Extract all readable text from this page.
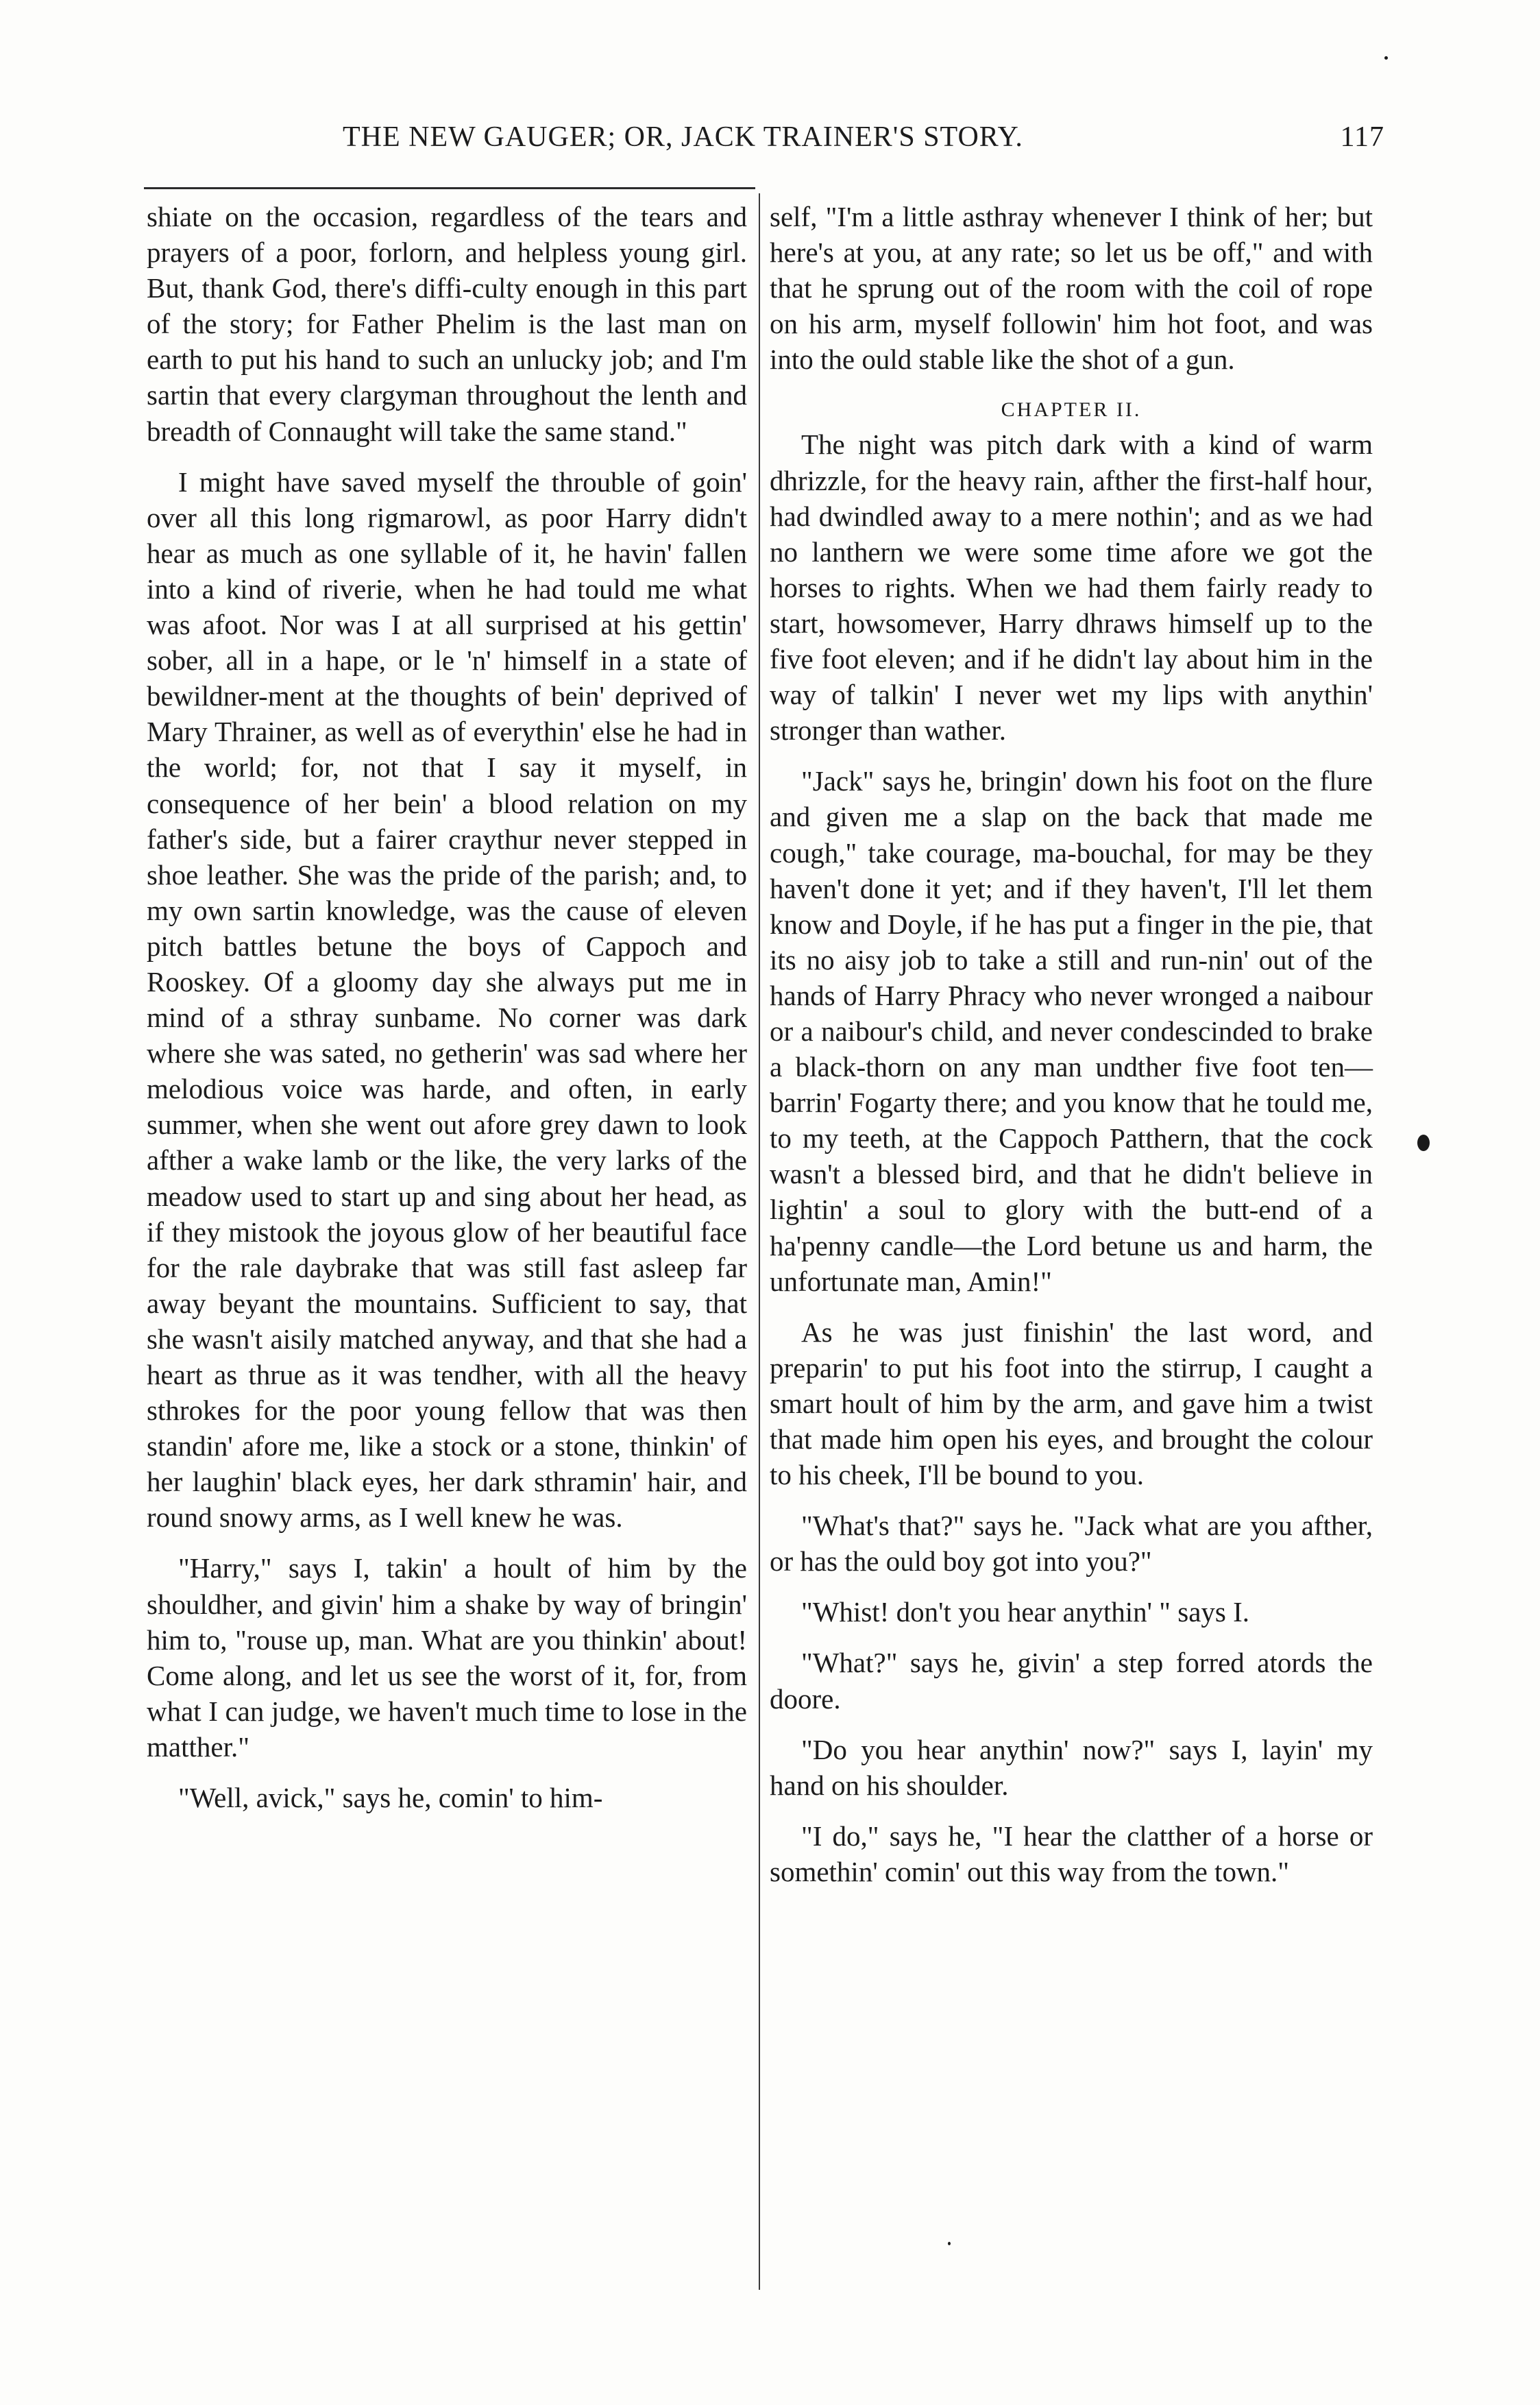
THE NEW GAUGER; OR, JACK TRAINER'S STORY.	117

shiate on the occasion, regardless of the tears and prayers of a poor, forlorn, and helpless young girl. But, thank God, there's diffi-culty enough in this part of the story; for Father Phelim is the last man on earth to put his hand to such an unlucky job; and I'm sartin that every clargyman throughout the lenth and breadth of Connaught will take the same stand."

I might have saved myself the throuble of goin' over all this long rigmarowl, as poor Harry didn't hear as much as one syllable of it, he havin' fallen into a kind of riverie, when he had tould me what was afoot. Nor was I at all surprised at his gettin' sober, all in a hape, or le 'n' himself in a state of bewildner-ment at the thoughts of bein' deprived of Mary Thrainer, as well as of everythin' else he had in the world; for, not that I say it myself, in consequence of her bein' a blood relation on my father's side, but a fairer craythur never stepped in shoe leather. She was the pride of the parish; and, to my own sartin knowledge, was the cause of eleven pitch battles betune the boys of Cappoch and Rooskey. Of a gloomy day she always put me in mind of a sthray sunbame. No corner was dark where she was sated, no getherin' was sad where her melodious voice was harde, and often, in early summer, when she went out afore grey dawn to look afther a wake lamb or the like, the very larks of the meadow used to start up and sing about her head, as if they mistook the joyous glow of her beautiful face for the rale daybrake that was still fast asleep far away beyant the mountains. Sufficient to say, that she wasn't aisily matched anyway, and that she had a heart as thrue as it was tendher, with all the heavy sthrokes for the poor young fellow that was then standin' afore me, like a stock or a stone, thinkin' of her laughin' black eyes, her dark sthramin' hair, and round snowy arms, as I well knew he was.

"Harry," says I, takin' a hoult of him by the shouldher, and givin' him a shake by way of bringin' him to, "rouse up, man. What are you thinkin' about! Come along, and let us see the worst of it, for, from what I can judge, we haven't much time to lose in the matther."

"Well, avick," says he, comin' to him-

self, "I'm a little asthray whenever I think of her; but here's at you, at any rate; so let us be off," and with that he sprung out of the room with the coil of rope on his arm, myself followin' him hot foot, and was into the ould stable like the shot of a gun.

CHAPTER II.

The night was pitch dark with a kind of warm dhrizzle, for the heavy rain, afther the first-half hour, had dwindled away to a mere nothin'; and as we had no lanthern we were some time afore we got the horses to rights. When we had them fairly ready to start, howsomever, Harry dhraws himself up to the five foot eleven; and if he didn't lay about him in the way of talkin' I never wet my lips with anythin' stronger than wather.

"Jack" says he, bringin' down his foot on the flure and given me a slap on the back that made me cough," take courage, ma-bouchal, for may be they haven't done it yet; and if they haven't, I'll let them know and Doyle, if he has put a finger in the pie, that its no aisy job to take a still and run-nin' out of the hands of Harry Phracy who never wronged a naibour or a naibour's child, and never condescinded to brake a black-thorn on any man undther five foot ten—barrin' Fogarty there; and you know that he tould me, to my teeth, at the Cappoch Patthern, that the cock wasn't a blessed bird, and that he didn't believe in lightin' a soul to glory with the butt-end of a ha'penny candle—the Lord betune us and harm, the unfortunate man, Amin!"

As he was just finishin' the last word, and preparin' to put his foot into the stirrup, I caught a smart hoult of him by the arm, and gave him a twist that made him open his eyes, and brought the colour to his cheek, I'll be bound to you.

"What's that?" says he. "Jack what are you afther, or has the ould boy got into you?"

"Whist! don't you hear anythin' " says I.

"What?" says he, givin' a step forred atords the doore.

"Do you hear anythin' now?" says I, layin' my hand on his shoulder.

"I do," says he, "I hear the clatther of a horse or somethin' comin' out this way from the town."
